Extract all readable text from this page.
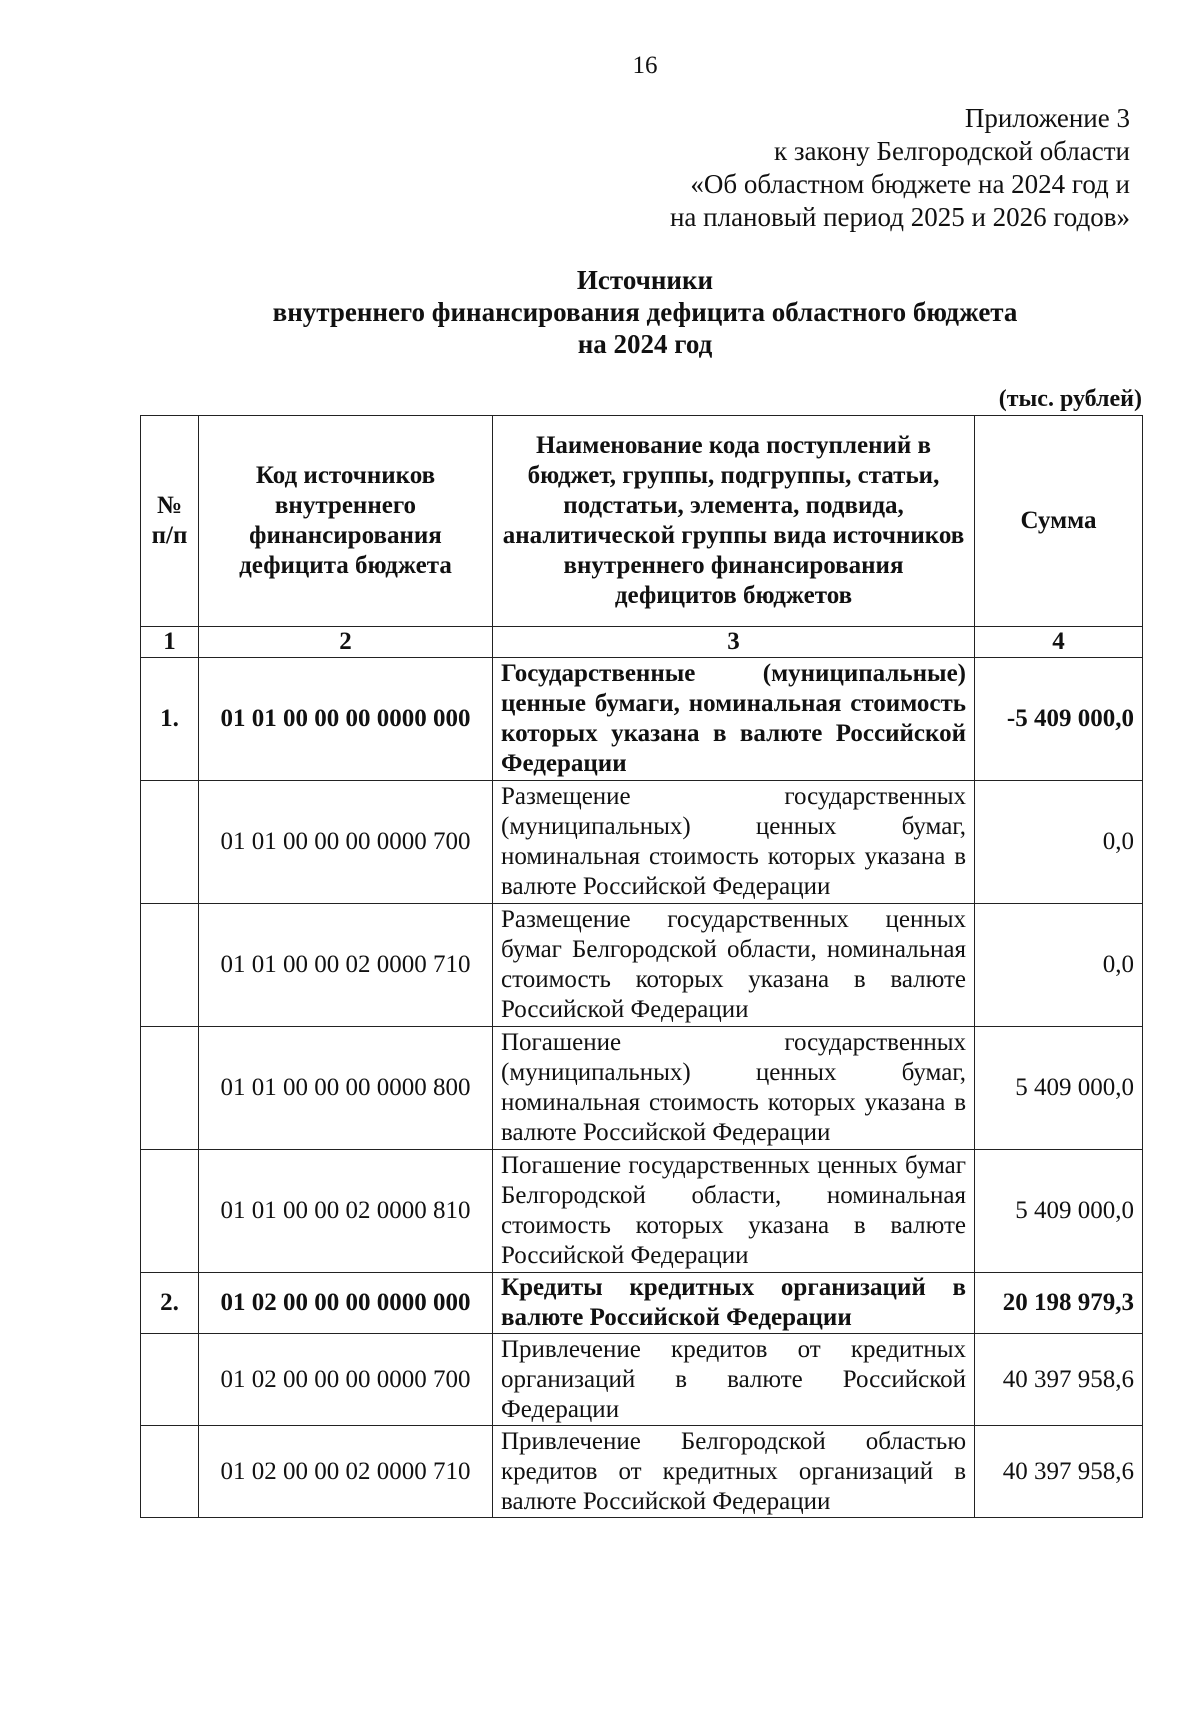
16
Приложение 3
к закону Белгородской области
«Об областном бюджете на 2024 год и
на плановый период 2025 и 2026 годов»
Источники
внутреннего финансирования дефицита областного бюджета
на 2024 год
(тыс. рублей)
№ п/п	Код источников внутреннего финансирования дефицита бюджета	Наименование кода поступлений в бюджет, группы, подгруппы, статьи, подстатьи, элемента, подвида, аналитической группы вида источников внутреннего финансирования дефицитов бюджетов	Сумма
1	2	3	4
1.	01 01 00 00 00 0000 000	Государственные (муниципальные) ценные бумаги, номинальная стоимость которых указана в валюте Российской Федерации	-5 409 000,0
	01 01 00 00 00 0000 700	Размещение государственных (муниципальных) ценных бумаг, номинальная стоимость которых указана в валюте Российской Федерации	0,0
	01 01 00 00 02 0000 710	Размещение государственных ценных бумаг Белгородской области, номинальная стоимость которых указана в валюте Российской Федерации	0,0
	01 01 00 00 00 0000 800	Погашение государственных (муниципальных) ценных бумаг, номинальная стоимость которых указана в валюте Российской Федерации	5 409 000,0
	01 01 00 00 02 0000 810	Погашение государственных ценных бумаг Белгородской области, номинальная стоимость которых указана в валюте Российской Федерации	5 409 000,0
2.	01 02 00 00 00 0000 000	Кредиты кредитных организаций в валюте Российской Федерации	20 198 979,3
	01 02 00 00 00 0000 700	Привлечение кредитов от кредитных организаций в валюте Российской Федерации	40 397 958,6
	01 02 00 00 02 0000 710	Привлечение Белгородской областью кредитов от кредитных организаций в валюте Российской Федерации	40 397 958,6
